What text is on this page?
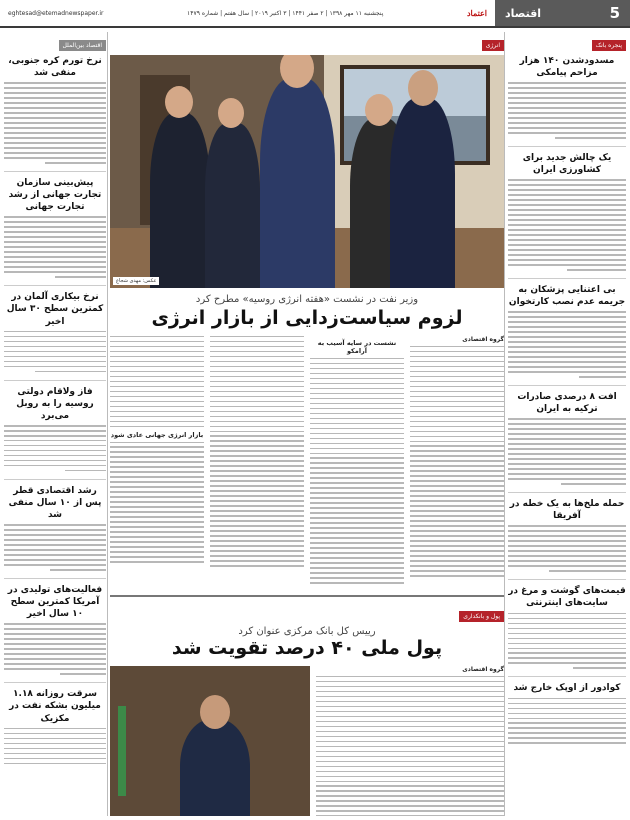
5
اقتصاد
eghtesad@etemadnewspaper.ir	پنجشنبه ۱۱ مهر ۱۳۹۸ | ۲ صفر ۱۴۴۱ | ۳ اکتبر ۲۰۱۹ | سال هفتم | شماره ۱۴۷۹	اعتماد
پنجره بانک
مسدودشدن ۱۴۰ هزار مزاحم پیامکی
یک چالش جدید برای کشاورزی ایران
بی اعتنایی پزشکان به جریمه عدم نصب کارتخوان
افت ۸ درصدی صادرات ترکیه به ایران
حمله ملخ‌ها به یک خطه در آفریقا
قیمت‌های گوشت و مرغ در سایت‌های اینترنتی
کوادور از اوپک خارج شد
اقتصاد بین‌الملل
نرخ تورم کره جنوبی، منفی شد
پیش‌بینی سازمان تجارت جهانی از رشد تجارت جهانی
نرخ بیکاری آلمان در کمترین سطح ۳۰ سال اخیر
فاز ولاقام دولتی روسیه را به روبل می‌برد
رشد اقتصادی قطر پس از ۱۰ سال منفی شد
فعالیت‌های تولیدی در آمریکا کمترین سطح ۱۰ سال اخیر
سرقت روزانه ۱.۱۸ میلیون بشکه نفت در مکزیک
انرژی
عکس: مهدی شجاع
وزیر نفت در نشست «هفته انرژی روسیه» مطرح کرد
لزوم سیاست‌زدایی از بازار انرژی
گروه اقتصادی
نشست در سایه آسیب به آرامکو
بازار انرژی جهانی عادی شود
پول و بانکداری
رییس کل بانک مرکزی عنوان کرد
پول ملی ۴۰ درصد تقویت شد
گروه اقتصادی
